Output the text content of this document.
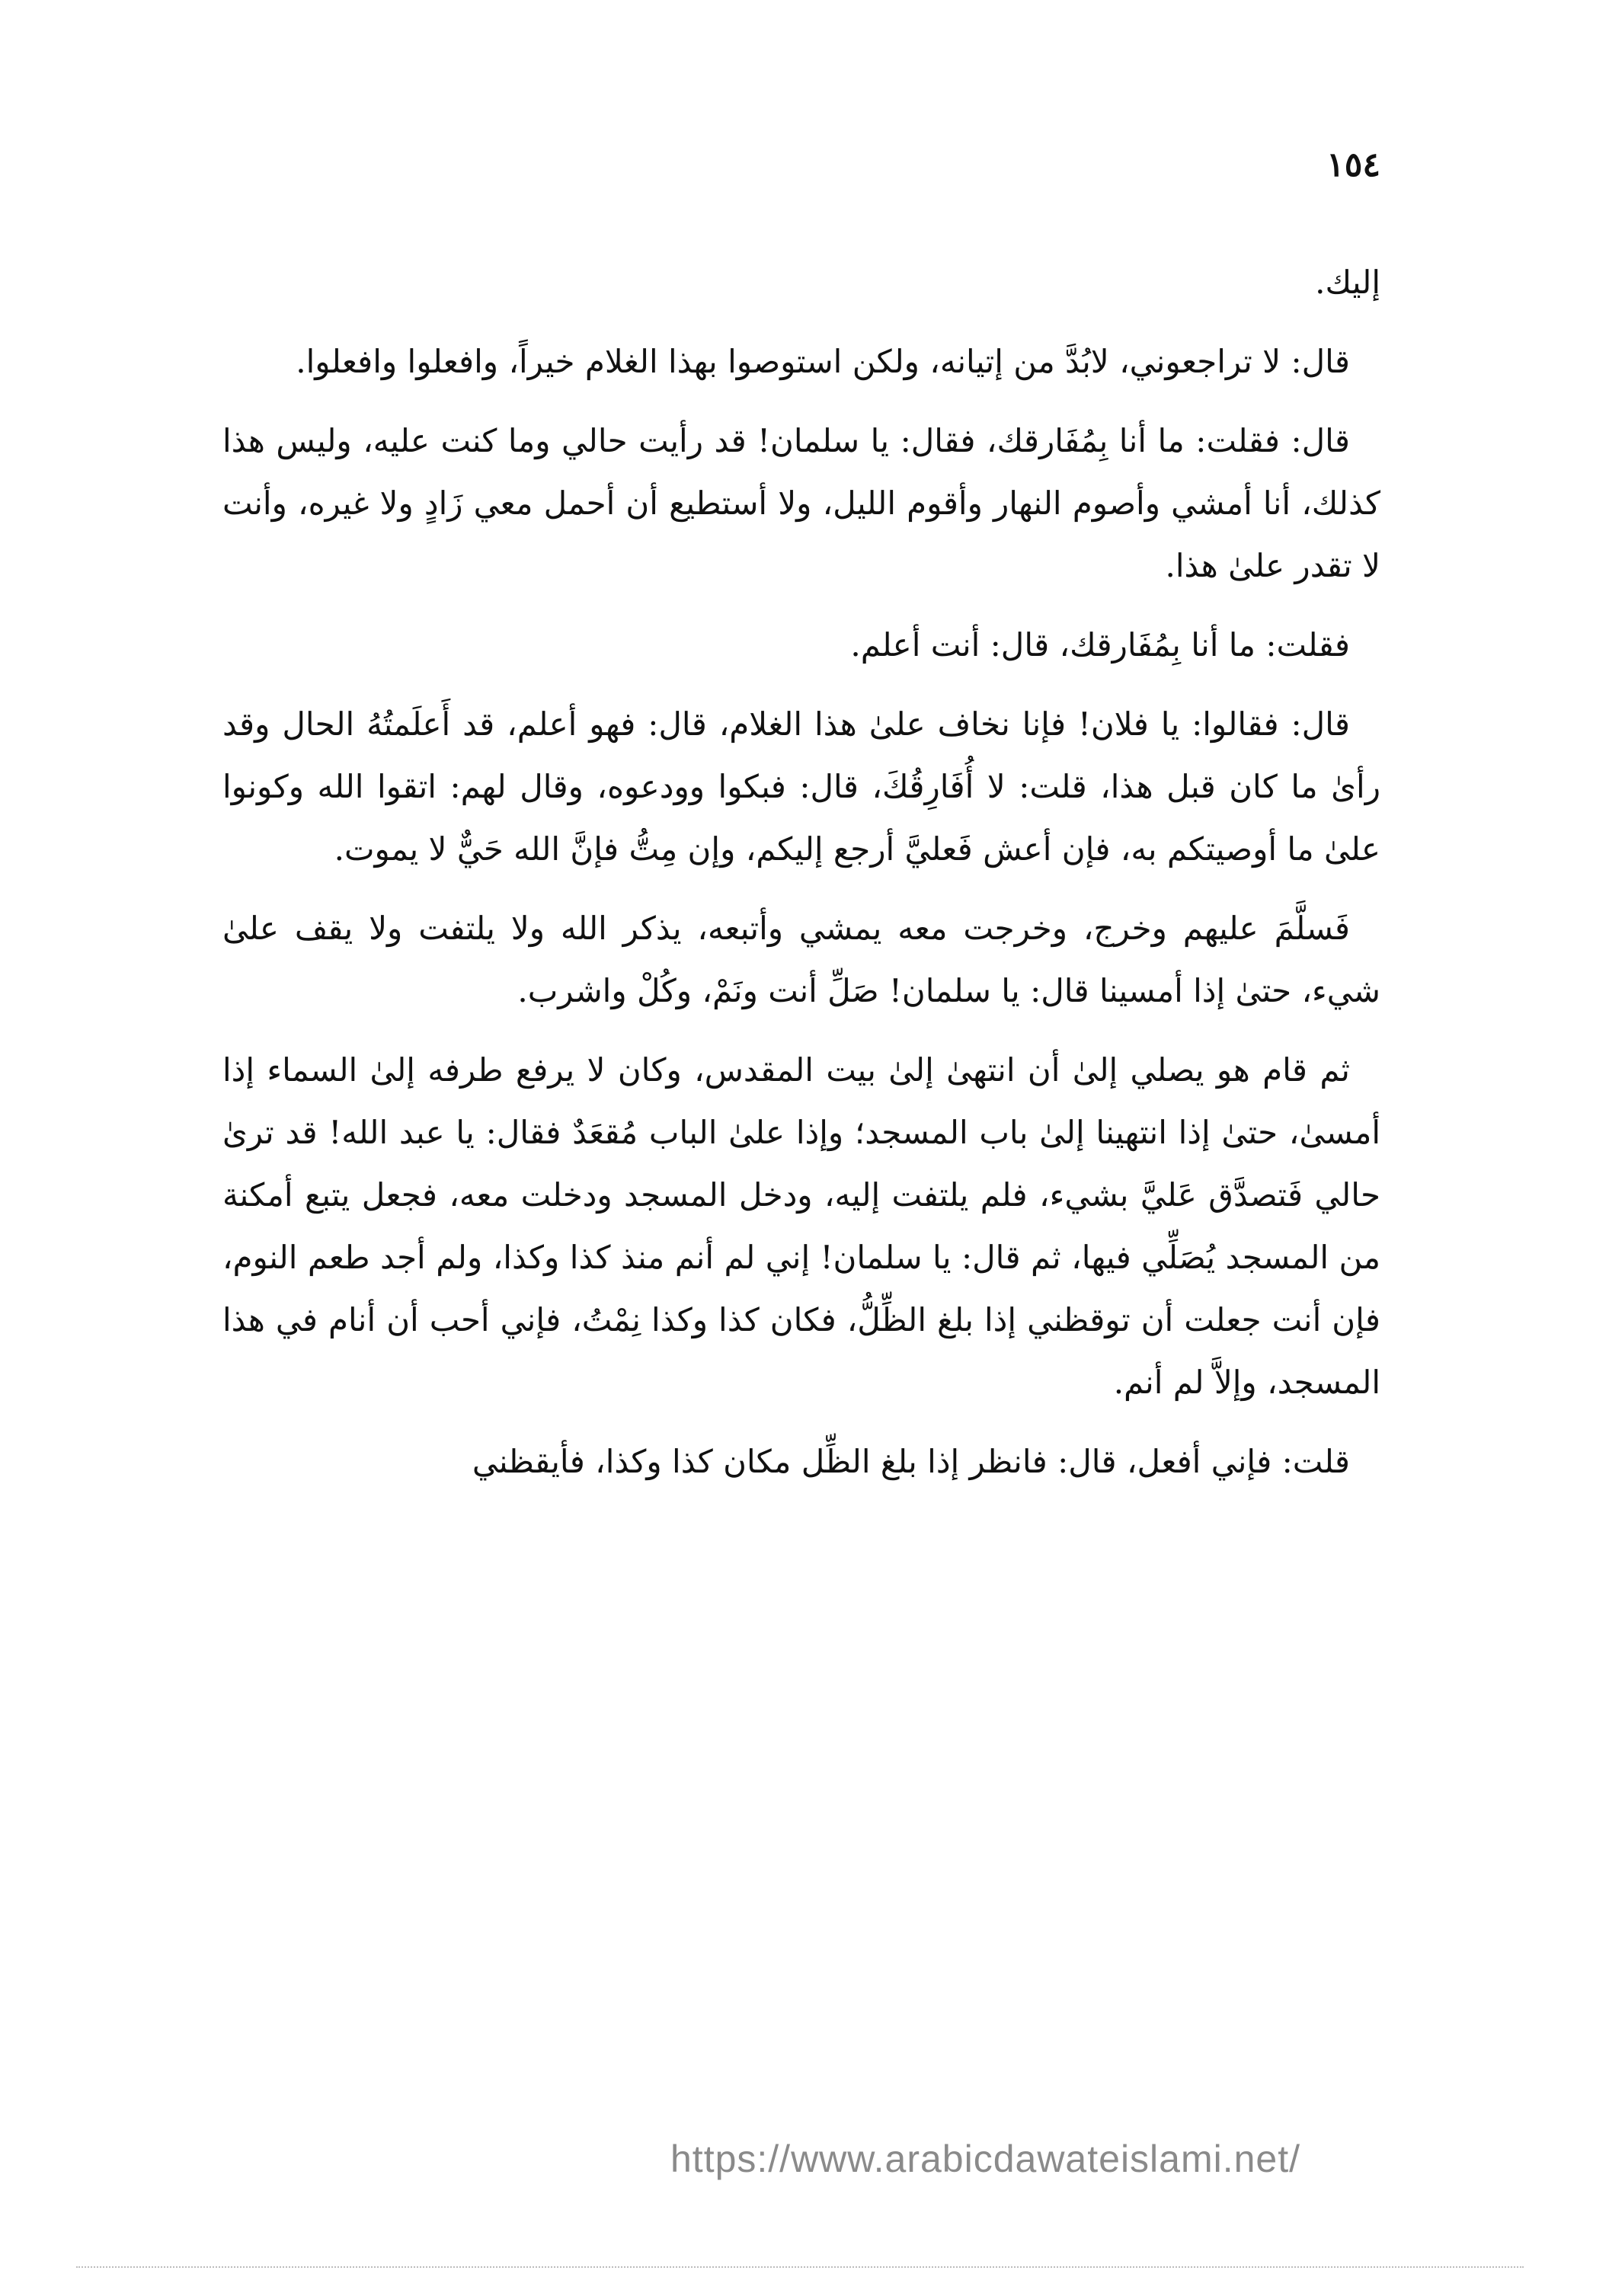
١٥٤

إليك.

قال: لا تراجعوني، لابُدَّ من إتيانه، ولكن استوصوا بهذا الغلام خيراً، وافعلوا وافعلوا.

قال: فقلت: ما أنا بِمُفَارقك، فقال: يا سلمان! قد رأيت حالي وما كنت عليه، وليس هذا كذلك، أنا أمشي وأصوم النهار وأقوم الليل، ولا أستطيع أن أحمل معي زَادٍ ولا غيره، وأنت لا تقدر علىٰ هذا.

فقلت: ما أنا بِمُفَارقك، قال: أنت أعلم.

قال: فقالوا: يا فلان! فإنا نخاف علىٰ هذا الغلام، قال: فهو أعلم، قد أَعلَمتُهُ الحال وقد رأىٰ ما كان قبل هذا، قلت: لا أُفَارِقُكَ، قال: فبكوا وودعوه، وقال لهم: اتقوا الله وكونوا علىٰ ما أوصيتكم به، فإن أعش فَعليَّ أرجع إليكم، وإن مِتُّ فإنَّ الله حَيٌّ لا يموت.

فَسلَّمَ عليهم وخرج، وخرجت معه يمشي وأتبعه، يذكر الله ولا يلتفت ولا يقف علىٰ شيء، حتىٰ إذا أمسينا قال: يا سلمان! صَلِّ أنت ونَمْ، وكُلْ واشرب.

ثم قام هو يصلي إلىٰ أن انتهىٰ إلىٰ بيت المقدس، وكان لا يرفع طرفه إلىٰ السماء إذا أمسىٰ، حتىٰ إذا انتهينا إلىٰ باب المسجد؛ وإذا علىٰ الباب مُقعَدٌ فقال: يا عبد الله! قد ترىٰ حالي فَتصدَّق عَليَّ بشيء، فلم يلتفت إليه، ودخل المسجد ودخلت معه، فجعل يتبع أمكنة من المسجد يُصَلِّي فيها، ثم قال: يا سلمان! إني لم أنم منذ كذا وكذا، ولم أجد طعم النوم، فإن أنت جعلت أن توقظني إذا بلغ الظِّلُّ، فكان كذا وكذا نِمْتُ، فإني أحب أن أنام في هذا المسجد، وإلاَّ لم أنم.

قلت: فإني أفعل، قال: فانظر إذا بلغ الظِّل مكان كذا وكذا، فأيقظني

https://www.arabicdawateislami.net/
